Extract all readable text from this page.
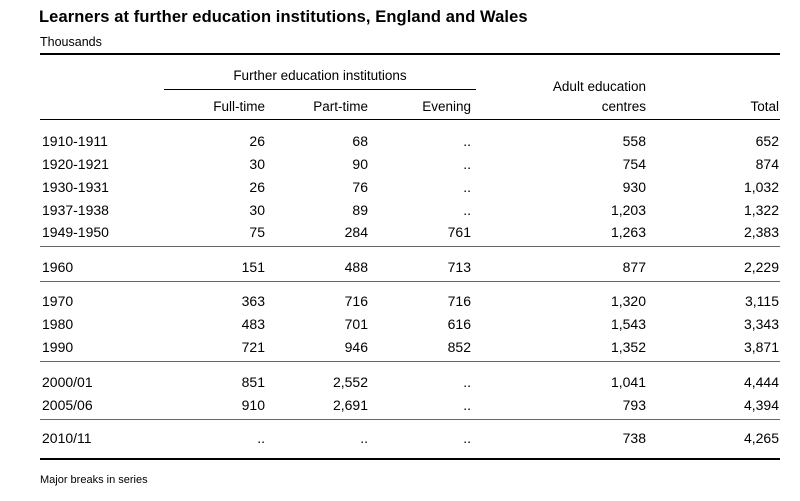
Learners at further education institutions, England and Wales
Thousands
Further education institutions
Full-time	Part-time	Evening
Adult education
centres	Total
1910-1911	26	68	..	558	652
1920-1921	30	90	..	754	874
1930-1931	26	76	..	930	1,032
1937-1938	30	89	..	1,203	1,322
1949-1950	75	284	761	1,263	2,383
1960	151	488	713	877	2,229
1970	363	716	716	1,320	3,115
1980	483	701	616	1,543	3,343
1990	721	946	852	1,352	3,871
2000/01	851	2,552	..	1,041	4,444
2005/06	910	2,691	..	793	4,394
2010/11	..	..	..	738	4,265
Major breaks in series
